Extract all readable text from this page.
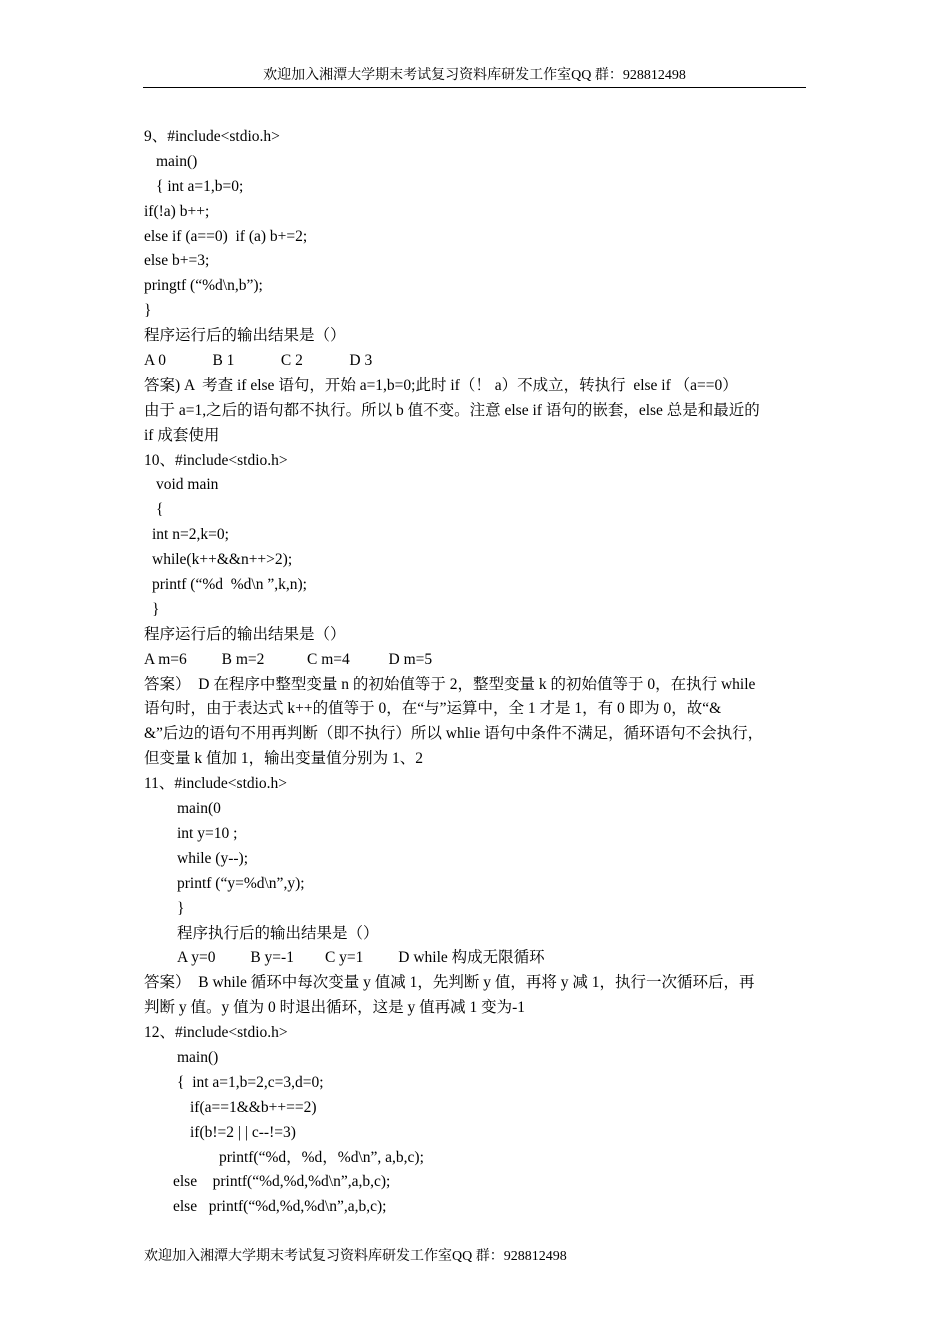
欢迎加入湘潭大学期末考试复习资料库研发工作室QQ 群：928812498
9、#include<stdio.h>
main()
{ int a=1,b=0;
if(!a) b++;
else if (a==0)  if (a) b+=2;
else b+=3;
pringtf (“%d\n,b”);
}
程序运行后的输出结果是（）
A 0            B 1            C 2            D 3
答案) A  考查 if else 语句，开始 a=1,b=0;此时 if（！ a）不成立，转执行  else if （a==0）
由于 a=1,之后的语句都不执行。所以 b 值不变。注意 else if 语句的嵌套，else 总是和最近的
if 成套使用
10、#include<stdio.h>
void main
{
int n=2,k=0;
while(k++&&n++>2);
printf (“%d  %d\n ”,k,n);
}
程序运行后的输出结果是（）
A m=6         B m=2           C m=4          D m=5
答案）  D 在程序中整型变量 n 的初始值等于 2，整型变量 k 的初始值等于 0，在执行 while
语句时，由于表达式 k++的值等于 0，在“与”运算中，全 1 才是 1，有 0 即为 0，故“&
&”后边的语句不用再判断（即不执行）所以 whlie 语句中条件不满足，循环语句不会执行，
但变量 k 值加 1，输出变量值分别为 1、2
11、#include<stdio.h>
main(0
int y=10 ;
while (y--);
printf (“y=%d\n”,y);
}
程序执行后的输出结果是（）
A y=0         B y=-1        C y=1         D while 构成无限循环
答案）  B while 循环中每次变量 y 值减 1，先判断 y 值，再将 y 减 1，执行一次循环后，再
判断 y 值。y 值为 0 时退出循环，这是 y 值再减 1 变为-1
12、#include<stdio.h>
main()
{  int a=1,b=2,c=3,d=0;
if(a==1&&b++==2)
if(b!=2 | | c--!=3)
printf(“%d，%d，%d\n”, a,b,c);
else    printf(“%d,%d,%d\n”,a,b,c);
else   printf(“%d,%d,%d\n”,a,b,c);
欢迎加入湘潭大学期末考试复习资料库研发工作室QQ 群：928812498
